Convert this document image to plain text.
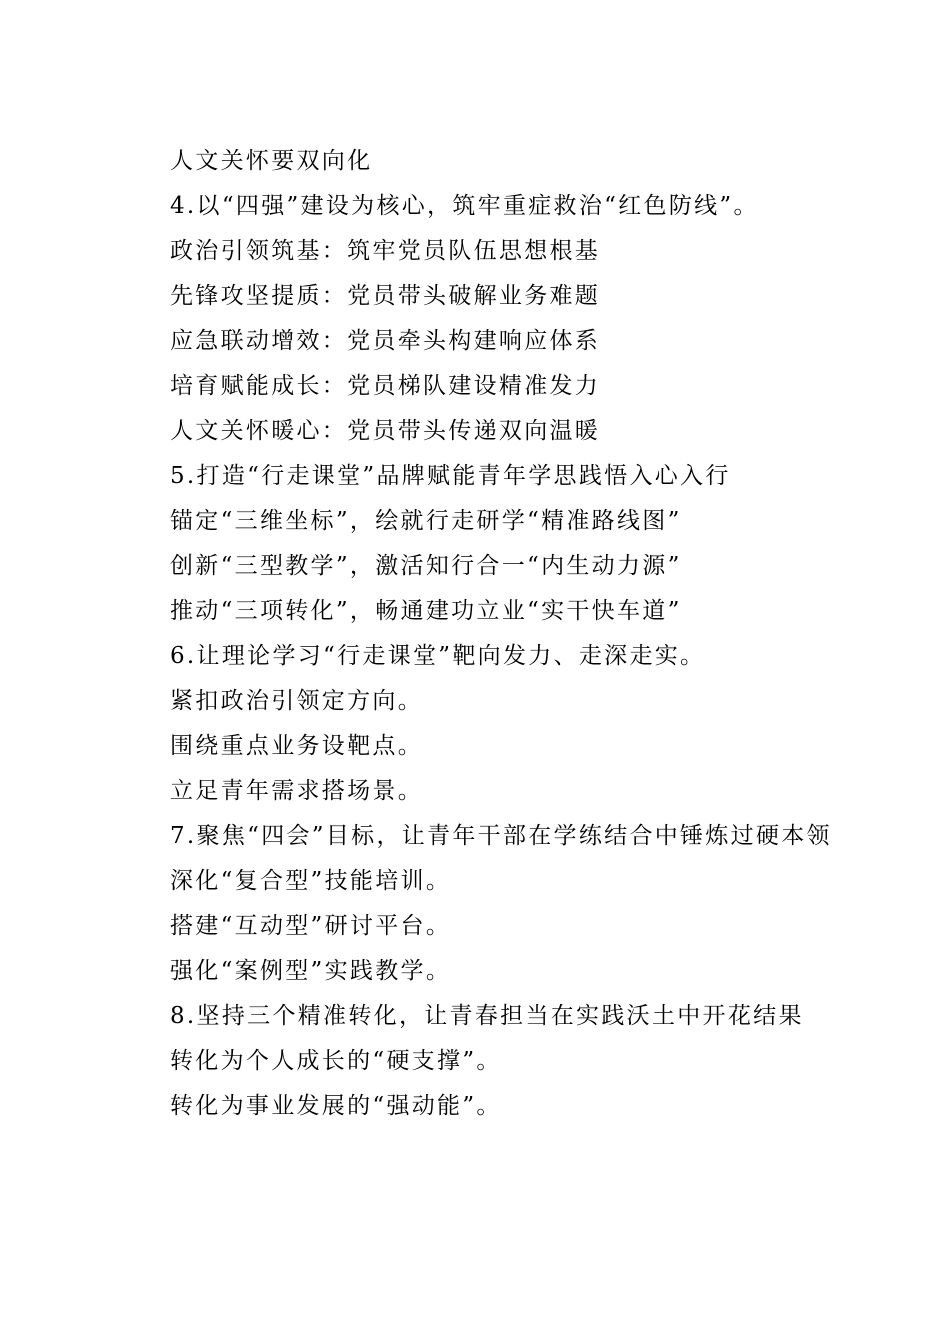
人文关怀要双向化

4.以“四强”建设为核心，筑牢重症救治“红色防线”。

政治引领筑基：筑牢党员队伍思想根基

先锋攻坚提质：党员带头破解业务难题

应急联动增效：党员牵头构建响应体系

培育赋能成长：党员梯队建设精准发力

人文关怀暖心：党员带头传递双向温暖

5.打造“行走课堂”品牌赋能青年学思践悟入心入行

锚定“三维坐标”，绘就行走研学“精准路线图”

创新“三型教学”，激活知行合一“内生动力源”

推动“三项转化”，畅通建功立业“实干快车道”

6.让理论学习“行走课堂”靶向发力、走深走实。

紧扣政治引领定方向。

围绕重点业务设靶点。

立足青年需求搭场景。

7.聚焦“四会”目标，让青年干部在学练结合中锤炼过硬本领

深化“复合型”技能培训。

搭建“互动型”研讨平台。

强化“案例型”实践教学。

8.坚持三个精准转化，让青春担当在实践沃土中开花结果

转化为个人成长的“硬支撑”。

转化为事业发展的“强动能”。
